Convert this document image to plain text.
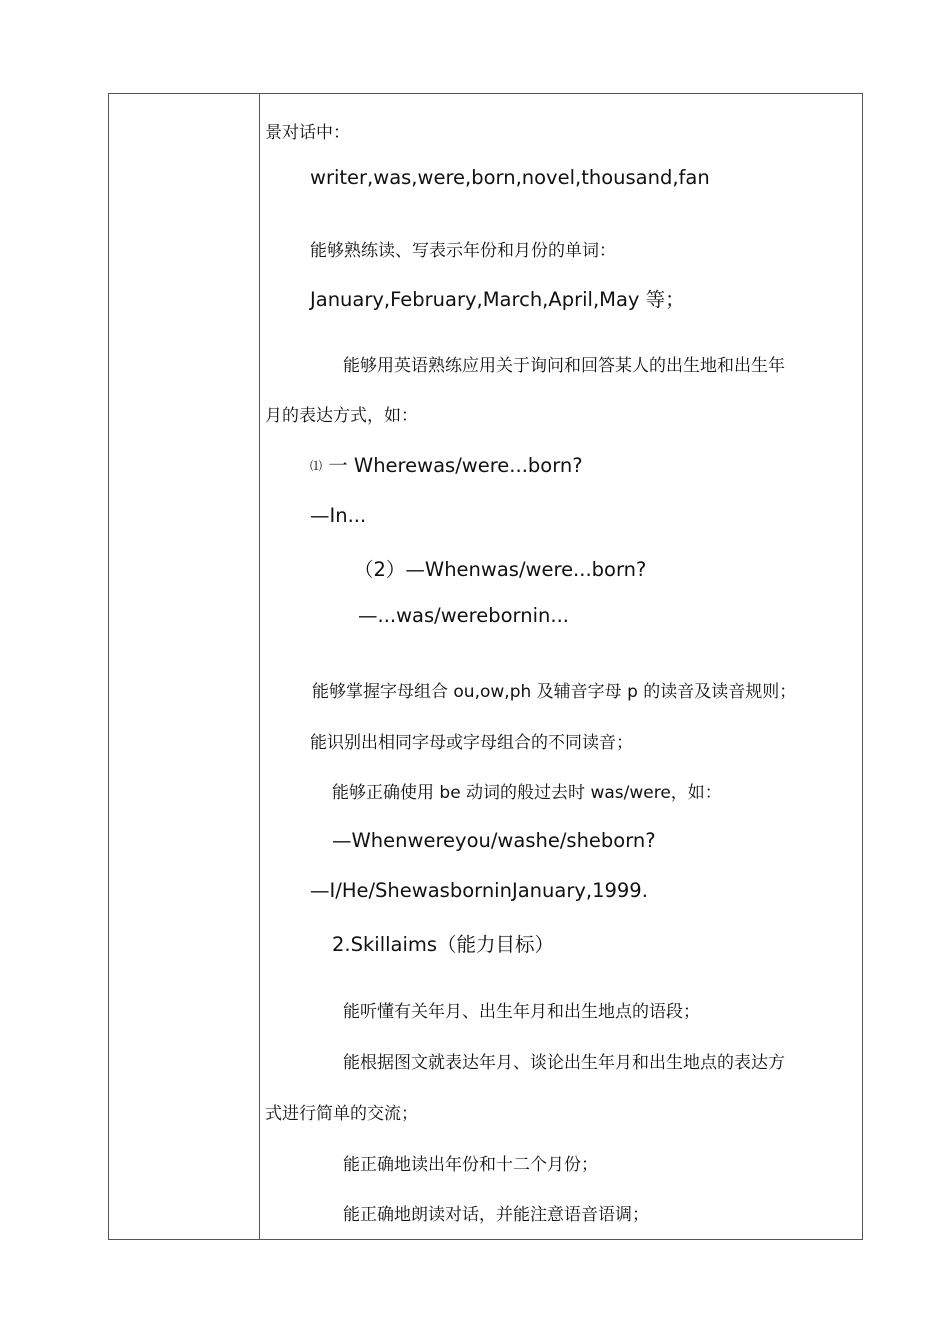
景对话中：
writer,was,were,born,novel,thousand,fan
能够熟练读、写表示年份和月份的单词：
January,February,March,April,May 等；
能够用英语熟练应用关于询问和回答某人的出生地和出生年
月的表达方式，如：
⑴ 一 Wherewas/were...born?
—In...
（2）—Whenwas/were...born?
—...was/werebornin...
能够掌握字母组合 ou,ow,ph 及辅音字母 p 的读音及读音规则；
能识别出相同字母或字母组合的不同读音；
能够正确使用 be 动词的般过去时 was/were，如：
—Whenwereyou/washe/sheborn?
—I/He/ShewasborninJanuary,1999.
2.Skillaims（能力目标）
能听懂有关年月、出生年月和出生地点的语段；
能根据图文就表达年月、谈论出生年月和出生地点的表达方
式进行简单的交流；
能正确地读出年份和十二个月份；
能正确地朗读对话，并能注意语音语调；
